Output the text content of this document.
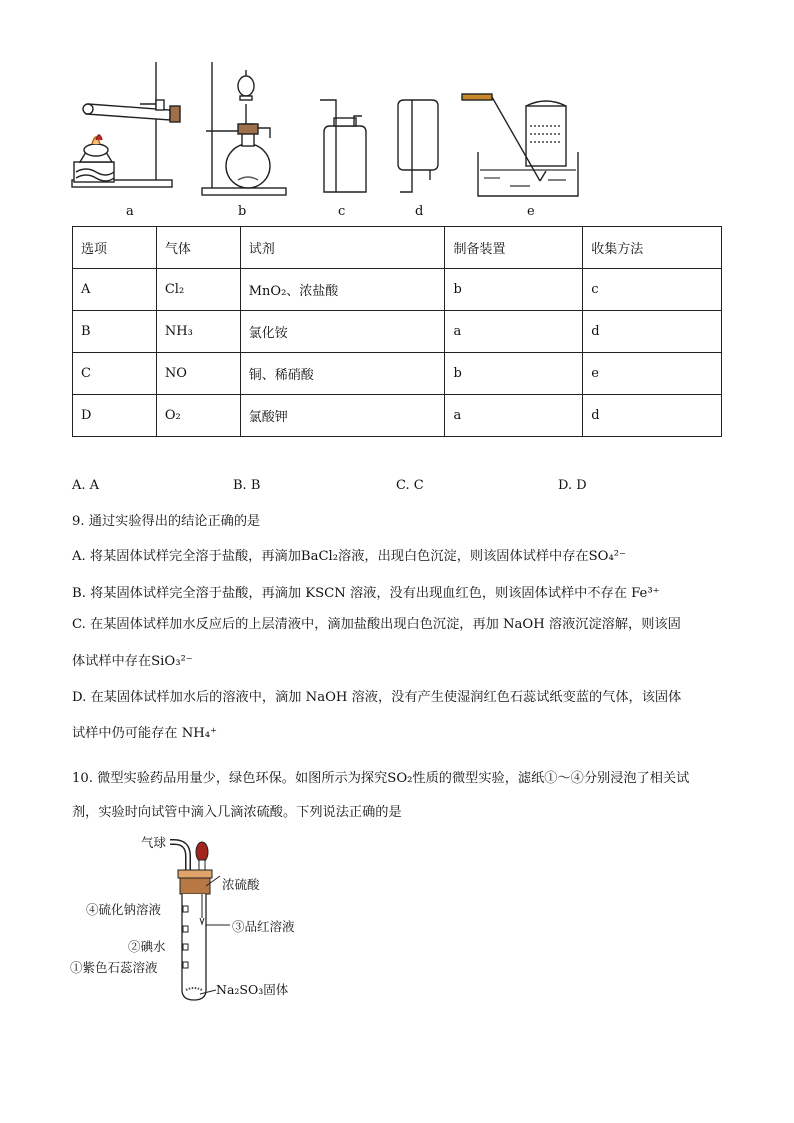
a	b	c	d	e
选项	气体	试剂	制备装置	收集方法
A	Cl₂	MnO₂、浓盐酸	b	c
B	NH₃	氯化铵	a	d
C	NO	铜、稀硝酸	b	e
D	O₂	氯酸钾	a	d
A. A	B. B	C. C	D. D
9. 通过实验得出的结论正确的是
A. 将某固体试样完全溶于盐酸，再滴加BaCl₂溶液，出现白色沉淀，则该固体试样中存在SO₄²⁻
B. 将某固体试样完全溶于盐酸，再滴加 KSCN 溶液，没有出现血红色，则该固体试样中不存在 Fe³⁺
C. 在某固体试样加水反应后的上层清液中，滴加盐酸出现白色沉淀，再加 NaOH 溶液沉淀溶解，则该固
体试样中存在SiO₃²⁻
D. 在某固体试样加水后的溶液中，滴加 NaOH 溶液，没有产生使湿润红色石蕊试纸变蓝的气体，该固体
试样中仍可能存在 NH₄⁺
10. 微型实验药品用量少，绿色环保。如图所示为探究SO₂性质的微型实验，滤纸①～④分别浸泡了相关试
剂，实验时向试管中滴入几滴浓硫酸。下列说法正确的是
气球
浓硫酸
④硫化钠溶液
③品红溶液
②碘水
①紫色石蕊溶液
Na₂SO₃固体
